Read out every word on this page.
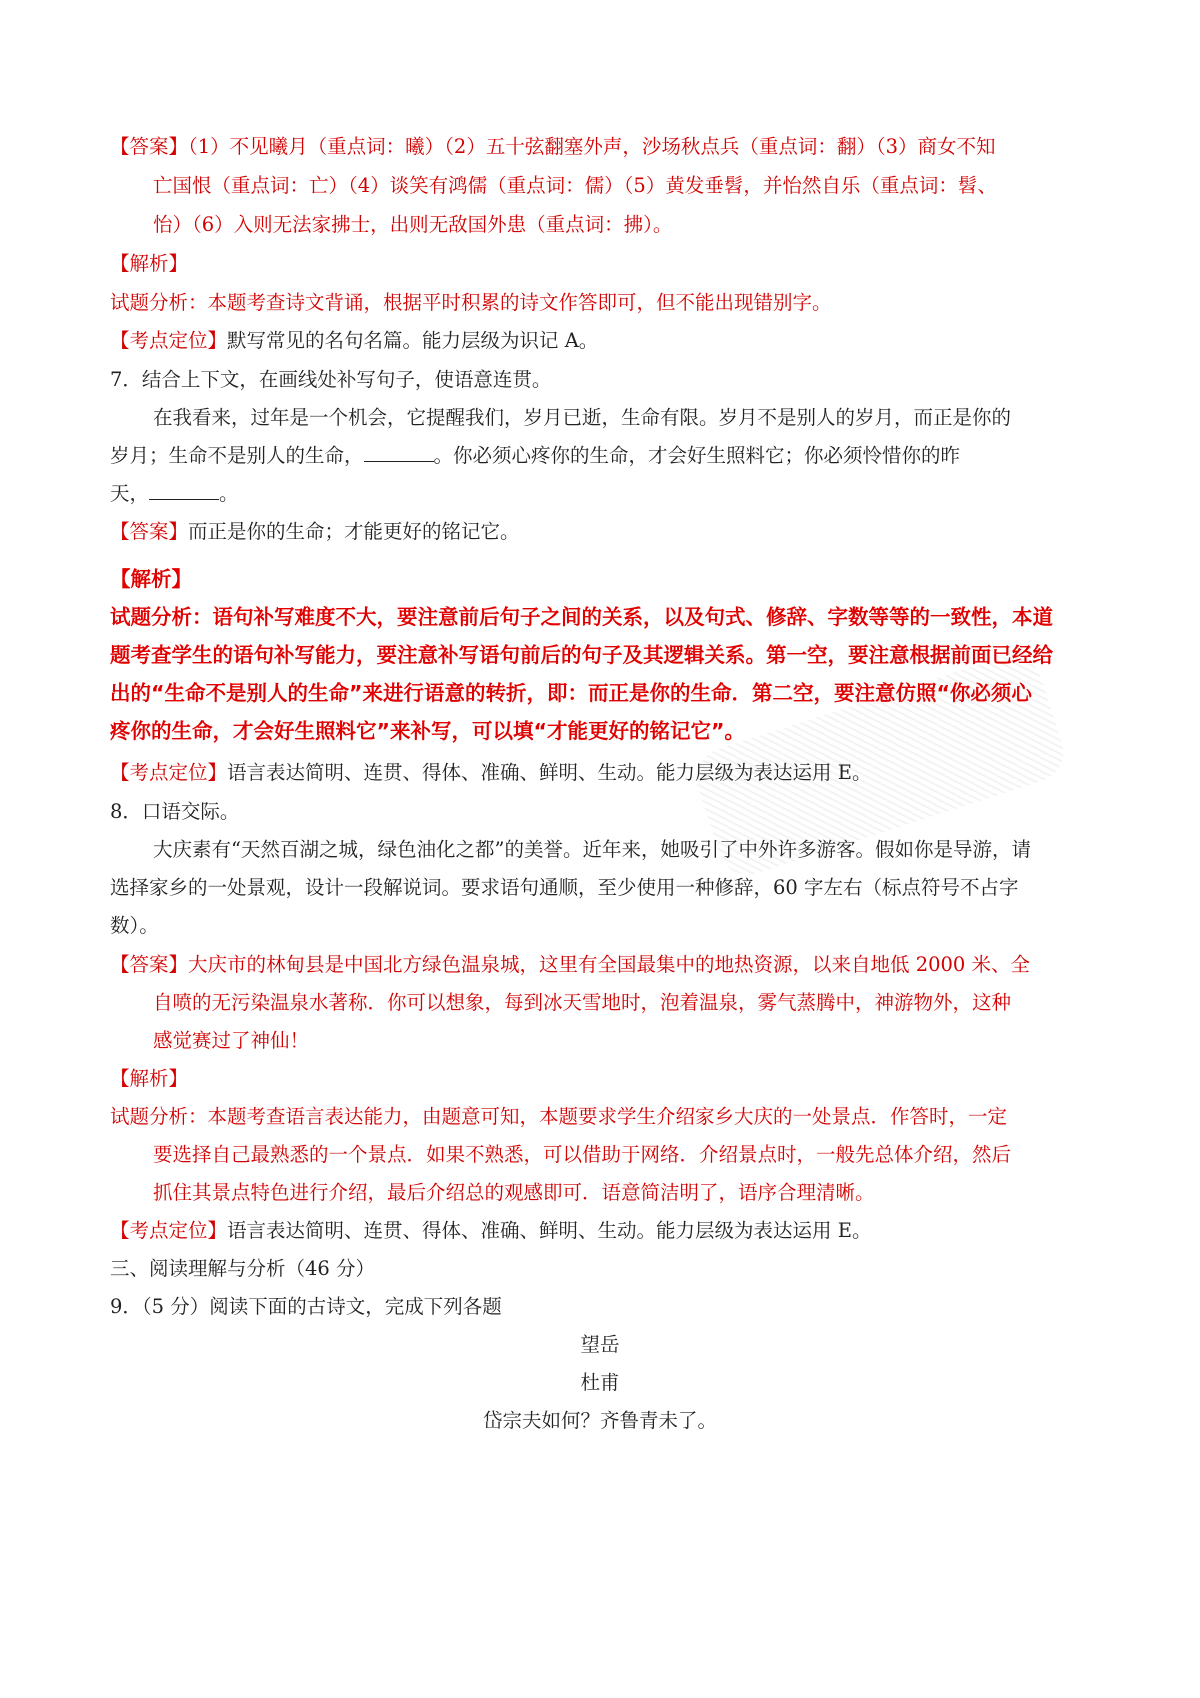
【答案】（1）不见曦月（重点词：曦）（2）五十弦翻塞外声，沙场秋点兵（重点词：翻）（3）商女不知
亡国恨（重点词：亡）（4）谈笑有鸿儒（重点词：儒）（5）黄发垂髫，并怡然自乐（重点词：髫、
怡）（6）入则无法家拂士，出则无敌国外患（重点词：拂）。
【解析】
试题分析：本题考查诗文背诵，根据平时积累的诗文作答即可，但不能出现错别字。
【考点定位】默写常见的名句名篇。能力层级为识记 A。
7．结合上下文，在画线处补写句子，使语意连贯。
在我看来，过年是一个机会，它提醒我们，岁月已逝，生命有限。岁月不是别人的岁月，而正是你的
岁月；生命不是别人的生命，	。你必须心疼你的生命，才会好生照料它；你必须怜惜你的昨
天，	。
【答案】而正是你的生命；才能更好的铭记它。
【解析】
试题分析：语句补写难度不大，要注意前后句子之间的关系，以及句式、修辞、字数等等的一致性，本道
题考查学生的语句补写能力，要注意补写语句前后的句子及其逻辑关系。第一空，要注意根据前面已经给
出的“生命不是别人的生命”来进行语意的转折，即：而正是你的生命．第二空，要注意仿照“你必须心
疼你的生命，才会好生照料它”来补写，可以填“才能更好的铭记它”。
【考点定位】语言表达简明、连贯、得体、准确、鲜明、生动。能力层级为表达运用 E。
8．口语交际。
大庆素有“天然百湖之城，绿色油化之都”的美誉。近年来，她吸引了中外许多游客。假如你是导游，请
选择家乡的一处景观，设计一段解说词。要求语句通顺，至少使用一种修辞，60 字左右（标点符号不占字
数）。
【答案】大庆市的林甸县是中国北方绿色温泉城，这里有全国最集中的地热资源，以来自地低 2000 米、全
自喷的无污染温泉水著称．你可以想象，每到冰天雪地时，泡着温泉，雾气蒸腾中，神游物外，这种
感觉赛过了神仙！
【解析】
试题分析：本题考查语言表达能力，由题意可知，本题要求学生介绍家乡大庆的一处景点．作答时，一定
要选择自己最熟悉的一个景点．如果不熟悉，可以借助于网络．介绍景点时，一般先总体介绍，然后
抓住其景点特色进行介绍，最后介绍总的观感即可．语意简洁明了，语序合理清晰。
【考点定位】语言表达简明、连贯、得体、准确、鲜明、生动。能力层级为表达运用 E。
三、阅读理解与分析（46 分）
9．（5 分）阅读下面的古诗文，完成下列各题
望岳
杜甫
岱宗夫如何？齐鲁青未了。
